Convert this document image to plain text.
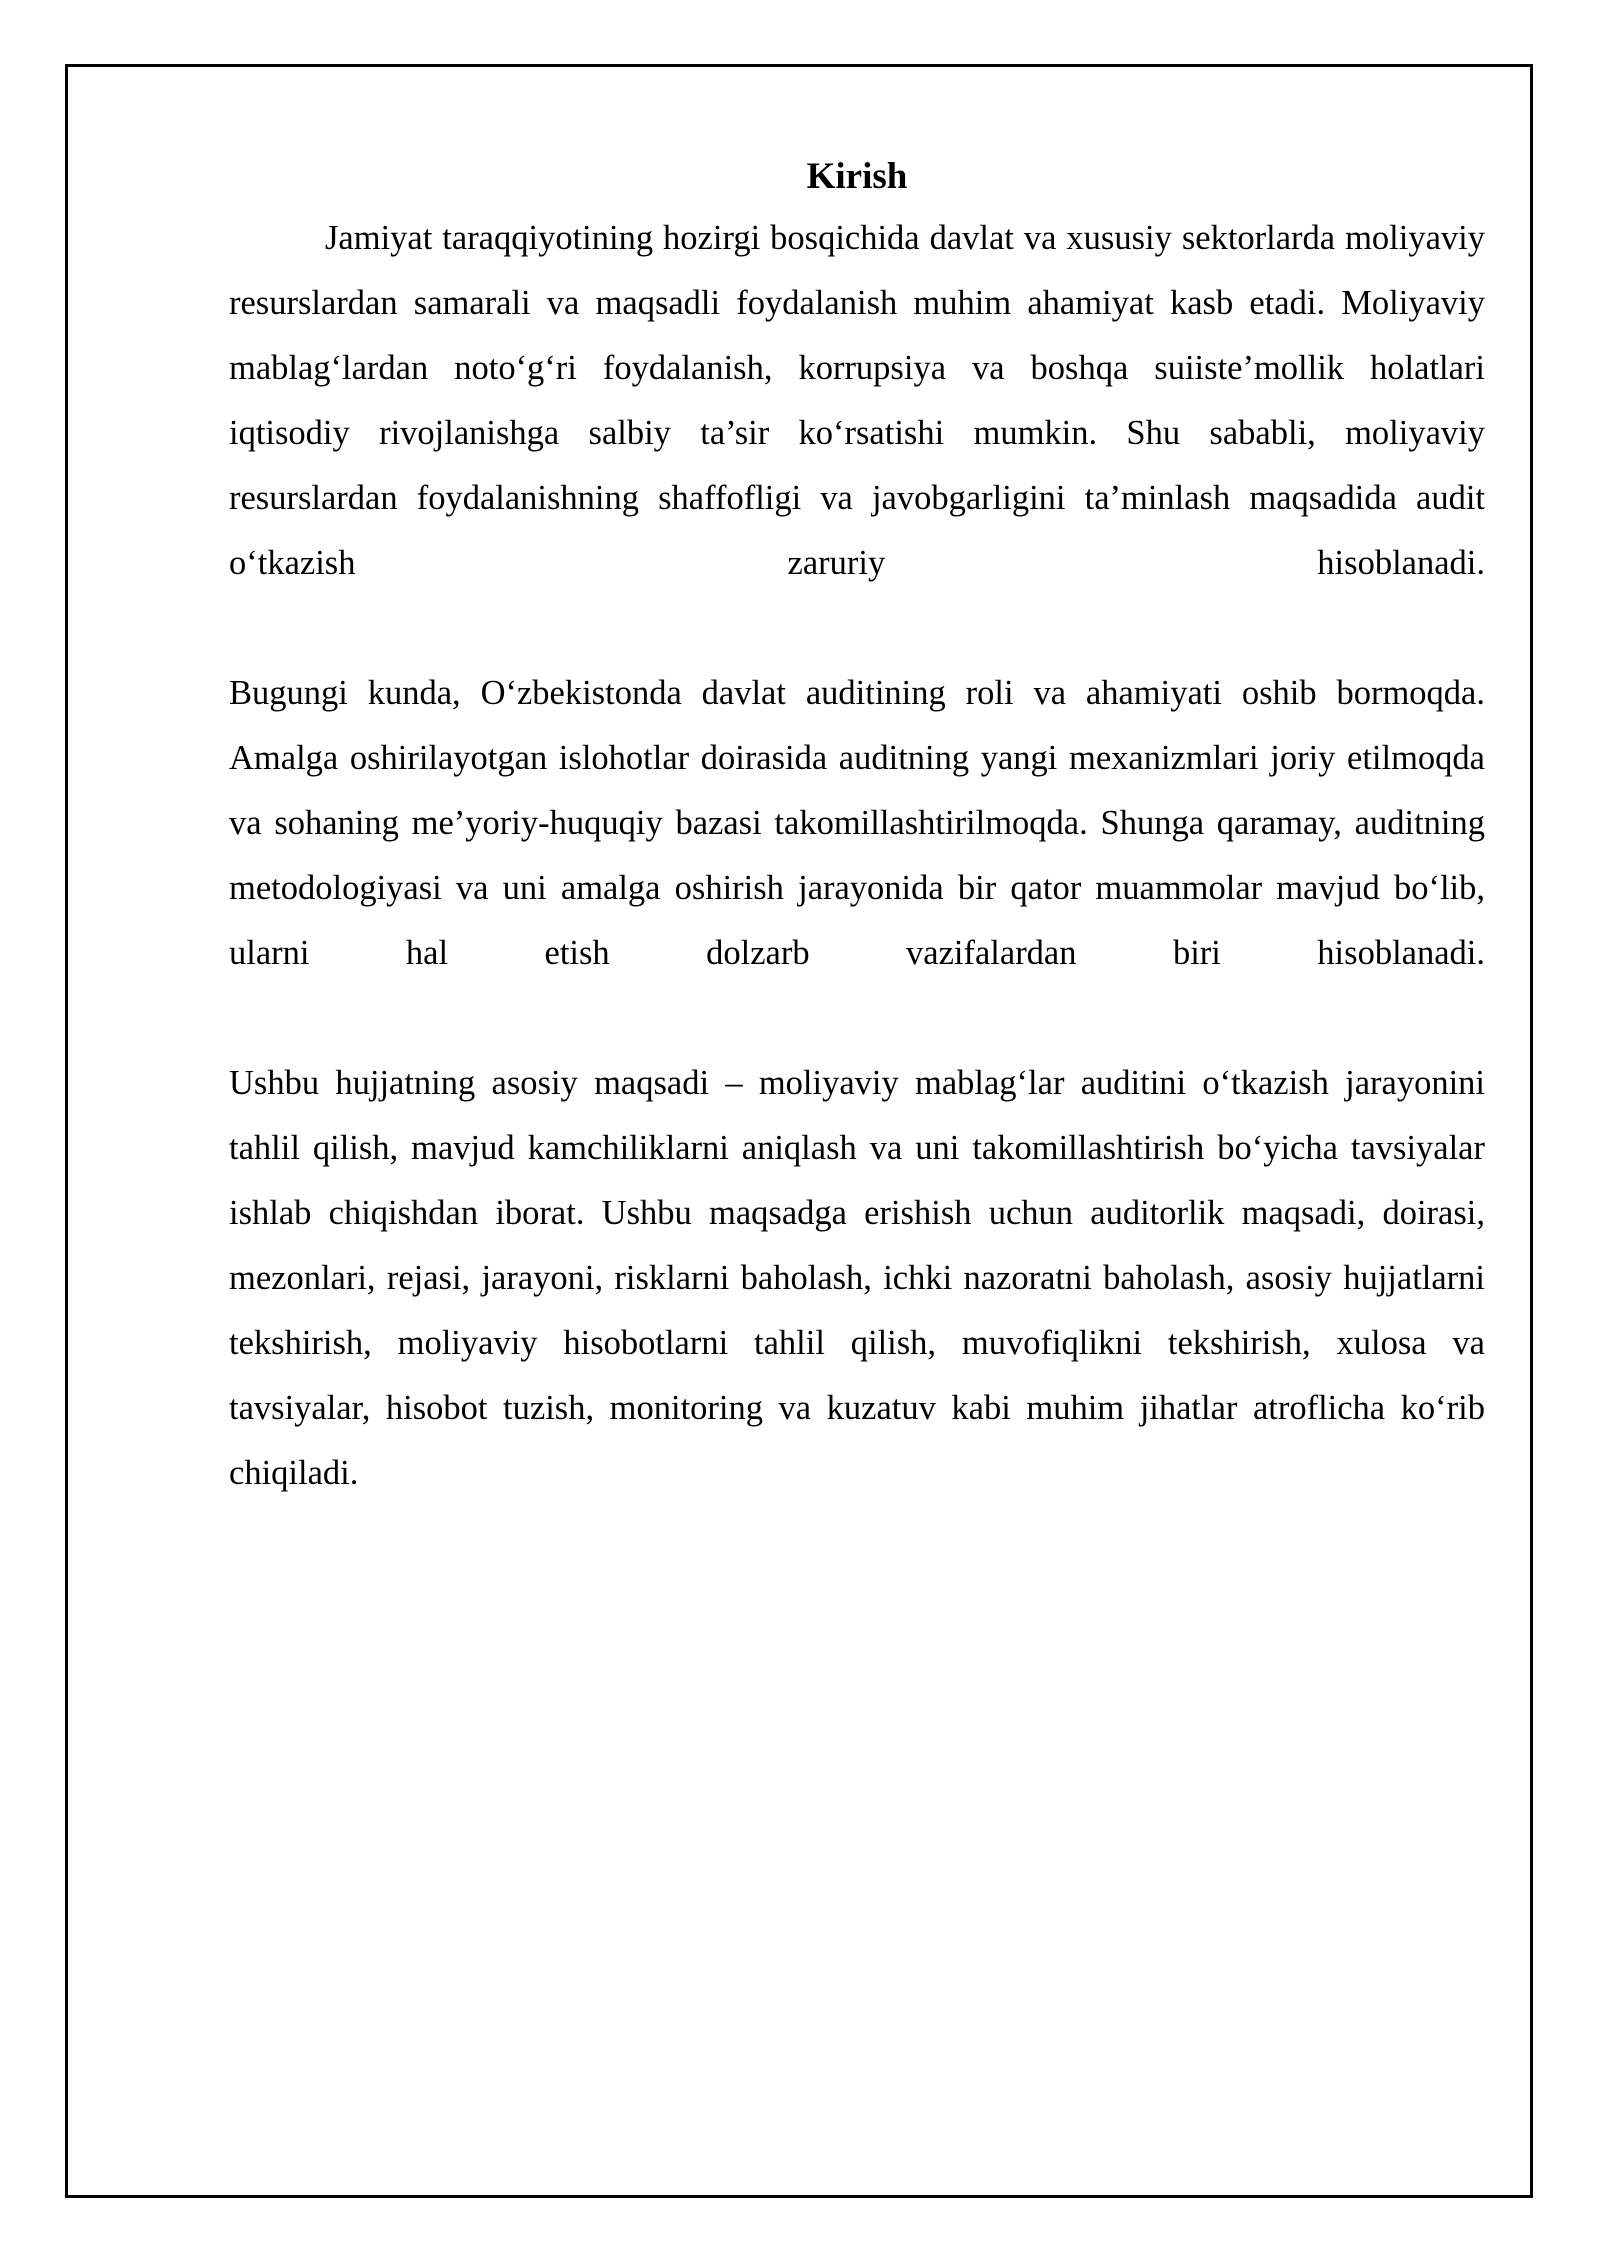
Kirish

Jamiyat taraqqiyotining hozirgi bosqichida davlat va xususiy sektorlarda moliyaviy resurslardan samarali va maqsadli foydalanish muhim ahamiyat kasb etadi. Moliyaviy mablag‘lardan noto‘g‘ri foydalanish, korrupsiya va boshqa suiiste’mollik holatlari iqtisodiy rivojlanishga salbiy ta’sir ko‘rsatishi mumkin. Shu sababli, moliyaviy resurslardan foydalanishning shaffofligi va javobgarligini ta’minlash maqsadida audit o‘tkazish zaruriy hisoblanadi.

Bugungi kunda, O‘zbekistonda davlat auditining roli va ahamiyati oshib bormoqda. Amalga oshirilayotgan islohotlar doirasida auditning yangi mexanizmlari joriy etilmoqda va sohaning me’yoriy-huquqiy bazasi takomillashtirilmoqda. Shunga qaramay, auditning metodologiyasi va uni amalga oshirish jarayonida bir qator muammolar mavjud bo‘lib, ularni hal etish dolzarb vazifalardan biri hisoblanadi.

Ushbu hujjatning asosiy maqsadi – moliyaviy mablag‘lar auditini o‘tkazish jarayonini tahlil qilish, mavjud kamchiliklarni aniqlash va uni takomillashtirish bo‘yicha tavsiyalar ishlab chiqishdan iborat. Ushbu maqsadga erishish uchun auditorlik maqsadi, doirasi, mezonlari, rejasi, jarayoni, risklarni baholash, ichki nazoratni baholash, asosiy hujjatlarni tekshirish, moliyaviy hisobotlarni tahlil qilish, muvofiqlikni tekshirish, xulosa va tavsiyalar, hisobot tuzish, monitoring va kuzatuv kabi muhim jihatlar atroflicha ko‘rib chiqiladi.
